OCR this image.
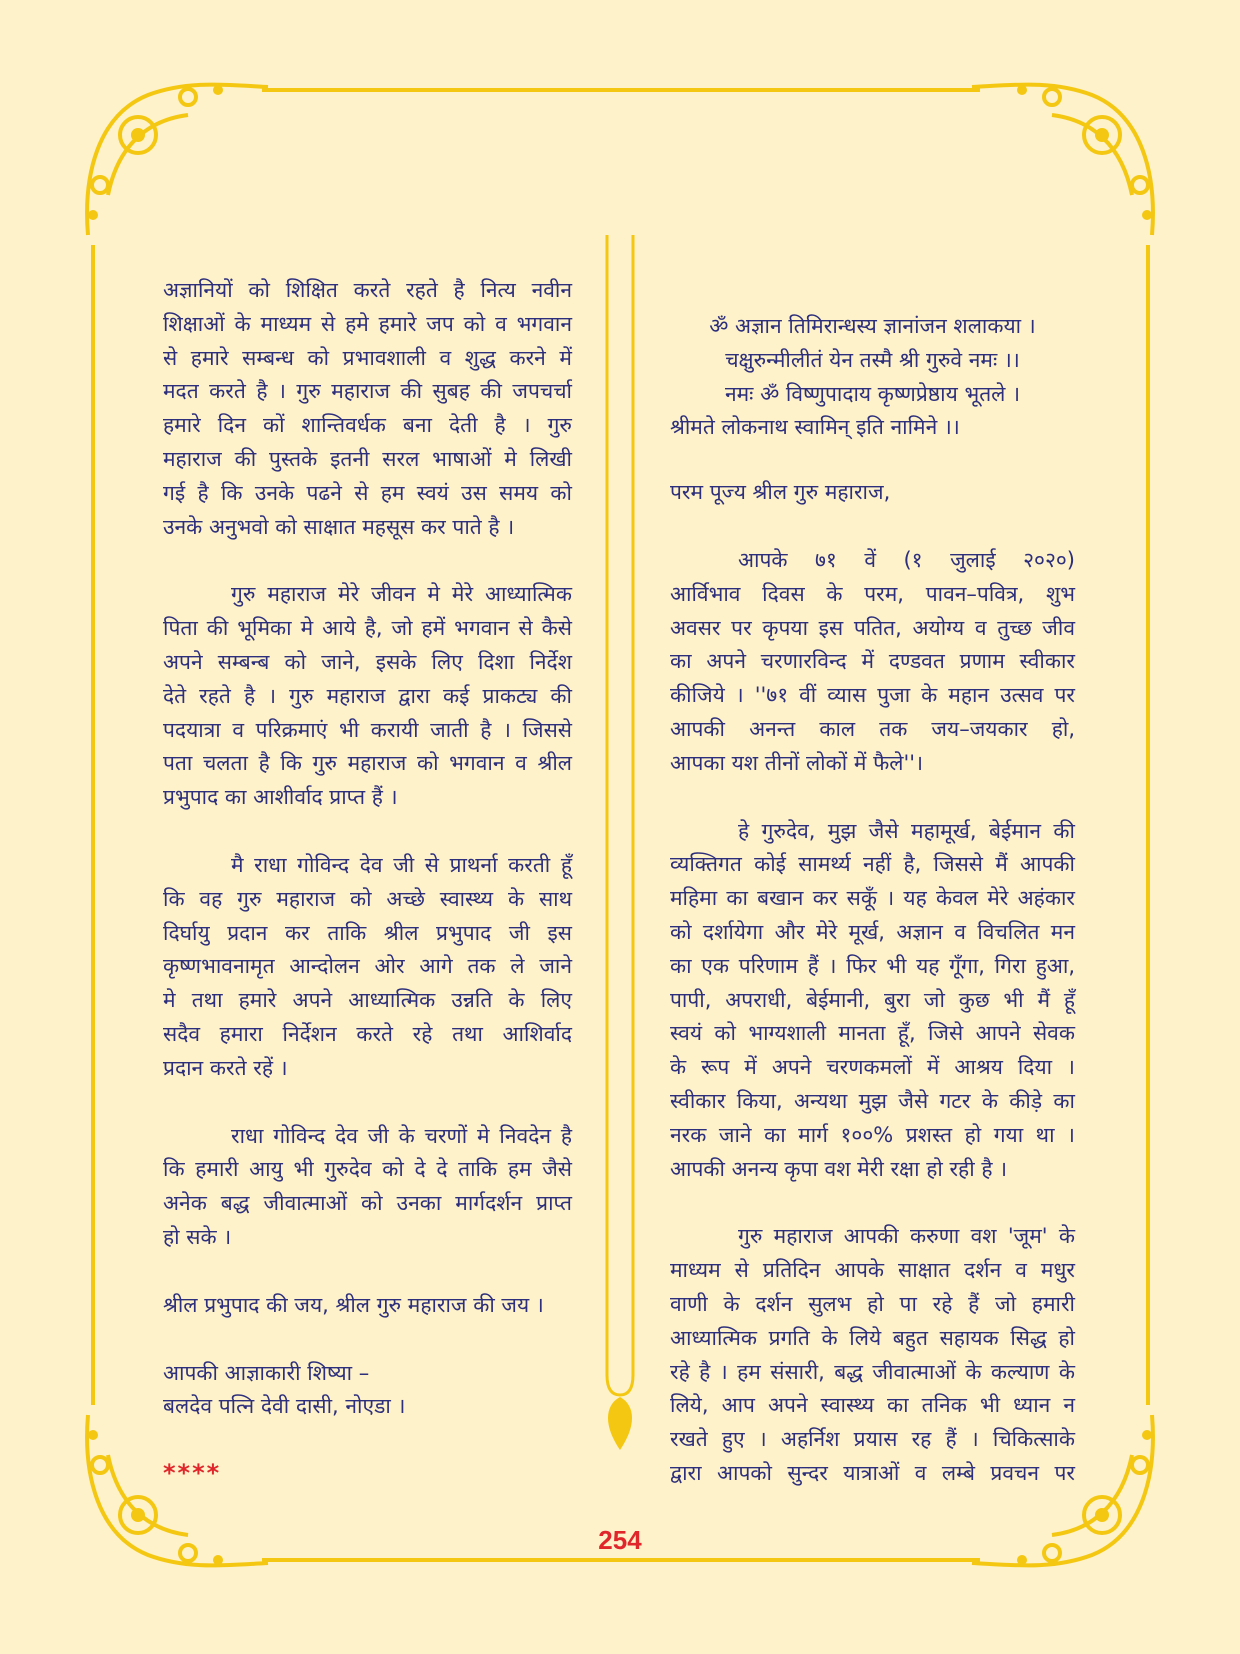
अज्ञानियों को शिक्षित करते रहते है नित्य नवीन
शिक्षाओं के माध्यम से हमे हमारे जप को व भगवान
से हमारे सम्बन्ध को प्रभावशाली व शुद्ध करने में
मदत करते है । गुरु महाराज की सुबह की जपचर्चा
हमारे दिन कों शान्तिवर्धक बना देती है । गुरु
महाराज की पुस्तके इतनी सरल भाषाओं मे लिखी
गई है कि उनके पढने से हम स्वयं उस समय को
उनके अनुभवो को साक्षात महसूस कर पाते है ।
गुरु महाराज मेरे जीवन मे मेरे आध्यात्मिक
पिता की भूमिका मे आये है, जो हमें भगवान से कैसे
अपने सम्बन्ब को जाने, इसके लिए दिशा निर्देश
देते रहते है । गुरु महाराज द्वारा कई प्राकट्य की
पदयात्रा व परिक्रमाएं भी करायी जाती है । जिससे
पता चलता है कि गुरु महाराज को भगवान व श्रील
प्रभुपाद का आशीर्वाद प्राप्त हैं ।
मै राधा गोविन्द देव जी से प्राथर्ना करती हूँ
कि वह गुरु महाराज को अच्छे स्वास्थ्य के साथ
दिर्घायु प्रदान कर ताकि श्रील प्रभुपाद जी इस
कृष्णभावनामृत आन्दोलन ओर आगे तक ले जाने
मे तथा हमारे अपने आध्यात्मिक उन्नति के लिए
सदैव हमारा निर्देशन करते रहे तथा आशिर्वाद
प्रदान करते रहें ।
राधा गोविन्द देव जी के चरणों मे निवदेन है
कि हमारी आयु भी गुरुदेव को दे दे ताकि हम जैसे
अनेक बद्ध जीवात्माओं को उनका मार्गदर्शन प्राप्त
हो सके ।
श्रील प्रभुपाद की जय, श्रील गुरु महाराज की जय ।
आपकी आज्ञाकारी शिष्या –
बलदेव पत्नि देवी दासी, नोएडा ।
****
ॐ अज्ञान तिमिरान्धस्य ज्ञानांजन शलाकया ।
चक्षुरुन्मीलीतं येन तस्मै श्री गुरुवे नमः ।।
नमः ॐ विष्णुपादाय कृष्णप्रेष्ठाय भूतले ।
श्रीमते लोकनाथ स्वामिन् इति नामिने ।।
परम पूज्य श्रील गुरु महाराज,
आपके ७१ वें (१ जुलाई २०२०)
आर्विभाव दिवस के परम, पावन–पवित्र, शुभ
अवसर पर कृपया इस पतित, अयोग्य व तुच्छ जीव
का अपने चरणारविन्द में दण्डवत प्रणाम स्वीकार
कीजिये । ''७१ वीं व्यास पुजा के महान उत्सव पर
आपकी अनन्त काल तक जय–जयकार हो,
आपका यश तीनों लोकों में फैले''।
हे गुरुदेव, मुझ जैसे महामूर्ख, बेईमान की
व्यक्तिगत कोई सामर्थ्य नहीं है, जिससे मैं आपकी
महिमा का बखान कर सकूँ । यह केवल मेरे अहंकार
को दर्शायेगा और मेरे मूर्ख, अज्ञान व विचलित मन
का एक परिणाम हैं । फिर भी यह गूँगा, गिरा हुआ,
पापी, अपराधी, बेईमानी, बुरा जो कुछ भी मैं हूँ
स्वयं को भाग्यशाली मानता हूँ, जिसे आपने सेवक
के रूप में अपने चरणकमलों में आश्रय दिया ।
स्वीकार किया, अन्यथा मुझ जैसे गटर के कीड़े का
नरक जाने का मार्ग १००% प्रशस्त हो गया था ।
आपकी अनन्य कृपा वश मेरी रक्षा हो रही है ।
गुरु महाराज आपकी करुणा वश 'जूम' के
माध्यम से प्रतिदिन आपके साक्षात दर्शन व मधुर
वाणी के दर्शन सुलभ हो पा रहे हैं जो हमारी
आध्यात्मिक प्रगति के लिये बहुत सहायक सिद्ध हो
रहे है । हम संसारी, बद्ध जीवात्माओं के कल्याण के
लिये, आप अपने स्वास्थ्य का तनिक भी ध्यान न
रखते हुए । अहर्निश प्रयास रह हैं । चिकित्साके
द्वारा आपको सुन्दर यात्राओं व लम्बे प्रवचन पर
254
